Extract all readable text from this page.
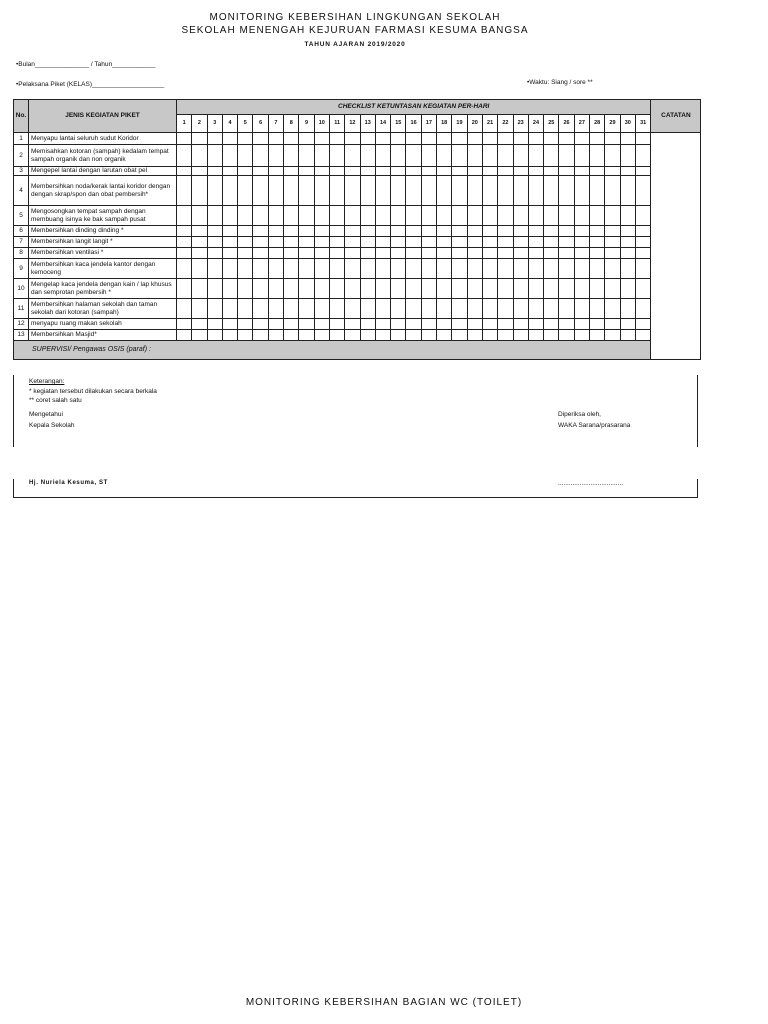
MONITORING KEBERSIHAN LINGKUNGAN SEKOLAH
SEKOLAH MENENGAH KEJURUAN FARMASI KESUMA BANGSA
TAHUN AJARAN 2019/2020
•Bulan_______________ / Tahun____________
•Pelaksana Piket (KELAS)____________________	•Waktu: Siang / sore **
No.	JENIS KEGIATAN PIKET	CHECKLIST KETUNTASAN KEGIATAN PER-HARI																															CATATAN
		1	2	3	4	5	6	7	8	9	10	11	12	13	14	15	16	17	18	19	20	21	22	23	24	25	26	27	28	29	30	31	
1	Menyapu lantai seluruh sudut Koridor																																
2	Memisahkan kotoran (sampah) kedalam tempat sampah organik dan non organik																																
3	Mengepel lantai dengan larutan obat pel																																
4	Membersihkan noda/kerak lantai koridor dengan dengan skrap/spon dan obat pembersih*																																
5	Mengosongkan tempat sampah dengan membuang isinya ke bak sampah pusat																																
6	Membersihkan dinding dinding *																																
7	Membersihkan langit langit *																																
8	Membersihkan ventilasi *																																
9	Membersihkan kaca jendela kantor dengan kemoceng																																
10	Mengelap kaca jendela dengan kain / lap khusus dan semprotan pembersih *																																
11	Membersihkan halaman sekolah dan taman sekolah dari kotoran (sampah)																																
12	menyapu ruang makan sekolah																																
13	Membersihkan Masjid*																																
SUPERVISI/ Pengawas OSIS (paraf) :																																	
Keterangan:
* kegiatan tersebut dilakukan secara berkala
** coret salah satu
Mengetahui
Kepala Sekolah
Diperiksa oleh,
WAKA Sarana/prasarana
Hj. Nuriela Kesuma, ST	....................................
MONITORING KEBERSIHAN BAGIAN WC (TOILET)
